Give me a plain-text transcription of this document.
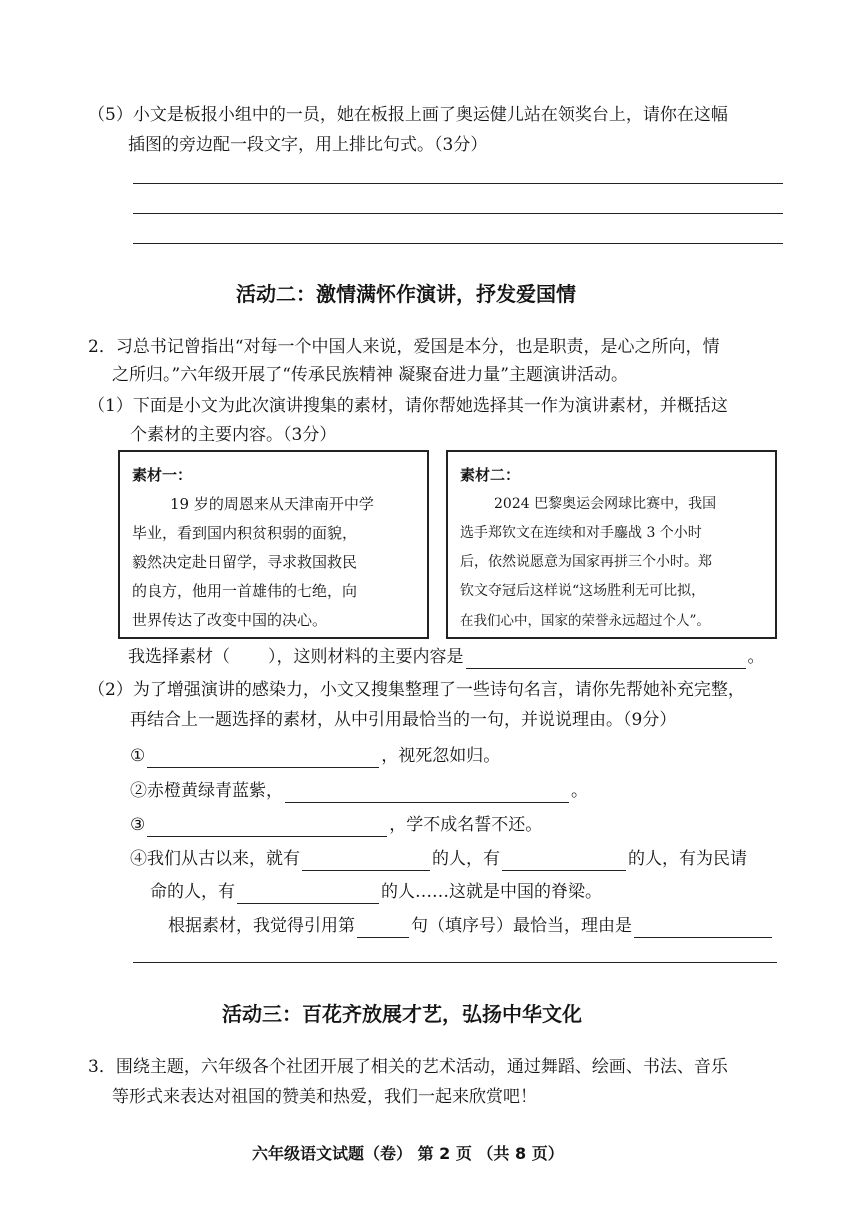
（5）小文是板报小组中的一员，她在板报上画了奥运健儿站在领奖台上，请你在这幅
插图的旁边配一段文字，用上排比句式。（3分）
活动二：激情满怀作演讲，抒发爱国情
2．习总书记曾指出“对每一个中国人来说，爱国是本分，也是职责，是心之所向，情
之所归。”六年级开展了“传承民族精神 凝聚奋进力量”主题演讲活动。
（1）下面是小文为此次演讲搜集的素材，请你帮她选择其一作为演讲素材，并概括这
个素材的主要内容。（3分）
素材一：
19 岁的周恩来从天津南开中学
毕业，看到国内积贫积弱的面貌，
毅然决定赴日留学，寻求救国救民
的良方，他用一首雄伟的七绝，向
世界传达了改变中国的决心。
素材二：
2024 巴黎奥运会网球比赛中，我国
选手郑钦文在连续和对手鏖战 3 个小时
后，依然说愿意为国家再拼三个小时。郑
钦文夺冠后这样说“这场胜利无可比拟，
在我们心中，国家的荣誉永远超过个人”。
我选择素材（ ），这则材料的主要内容是	。
（2）为了增强演讲的感染力，小文又搜集整理了一些诗句名言，请你先帮她补充完整，
再结合上一题选择的素材，从中引用最恰当的一句，并说说理由。（9分）
①	，视死忽如归。
②赤橙黄绿青蓝紫，	。
③	，学不成名誓不还。
④我们从古以来，就有	的人，有	的人，有为民请
命的人，有	的人……这就是中国的脊梁。
根据素材，我觉得引用第	句（填序号）最恰当，理由是
活动三：百花齐放展才艺，弘扬中华文化
3．围绕主题，六年级各个社团开展了相关的艺术活动，通过舞蹈、绘画、书法、音乐
等形式来表达对祖国的赞美和热爱，我们一起来欣赏吧！
六年级语文试题（卷） 第 2 页 （共 8 页）
